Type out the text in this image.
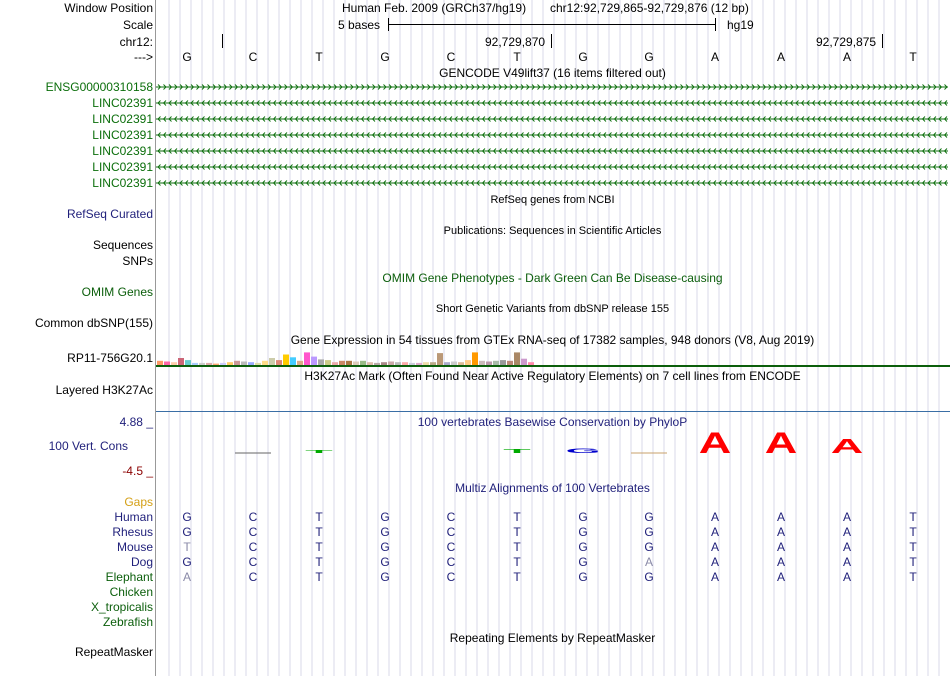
Window Position	Human Feb. 2009 (GRCh37/hg19) chr12:92,729,865-92,729,876 (12 bp)
Scale	5 bases	hg19
chr12:	92,729,870	92,729,875
--->	G	C	T	G	C	T	G	G	A	A	A	T
GENCODE V49lift37 (16 items filtered out)
ENSG00000310158
LINC02391
LINC02391
LINC02391
LINC02391
LINC02391
LINC02391
RefSeq genes from NCBI
RefSeq Curated
Publications: Sequences in Scientific Articles
Sequences
SNPs
OMIM Gene Phenotypes - Dark Green Can Be Disease-causing
OMIM Genes
Short Genetic Variants from dbSNP release 155
Common dbSNP(155)
Gene Expression in 54 tissues from GTEx RNA-seq of 17382 samples, 948 donors (V8, Aug 2019)
RP11-756G20.1
H3K27Ac Mark (Often Found Near Active Regulatory Elements) on 7 cell lines from ENCODE
Layered H3K27Ac
100 vertebrates Basewise Conservation by PhyloP
4.88 _
100 Vert. Cons
-4.5 _
T	T G	A A A
Gaps
Multiz Alignments of 100 Vertebrates
Human	G	C	T	G	C	T	G	G	A	A	A	T
Rhesus	G	C	T	G	C	T	G	G	A	A	A	T
Mouse	T	C	T	G	C	T	G	G	A	A	A	T
Dog	G	C	T	G	C	T	G	A	A	A	A	T
Elephant	A	C	T	G	C	T	G	G	A	A	A	T
Chicken
X_tropicalis
Zebrafish
Repeating Elements by RepeatMasker
RepeatMasker
